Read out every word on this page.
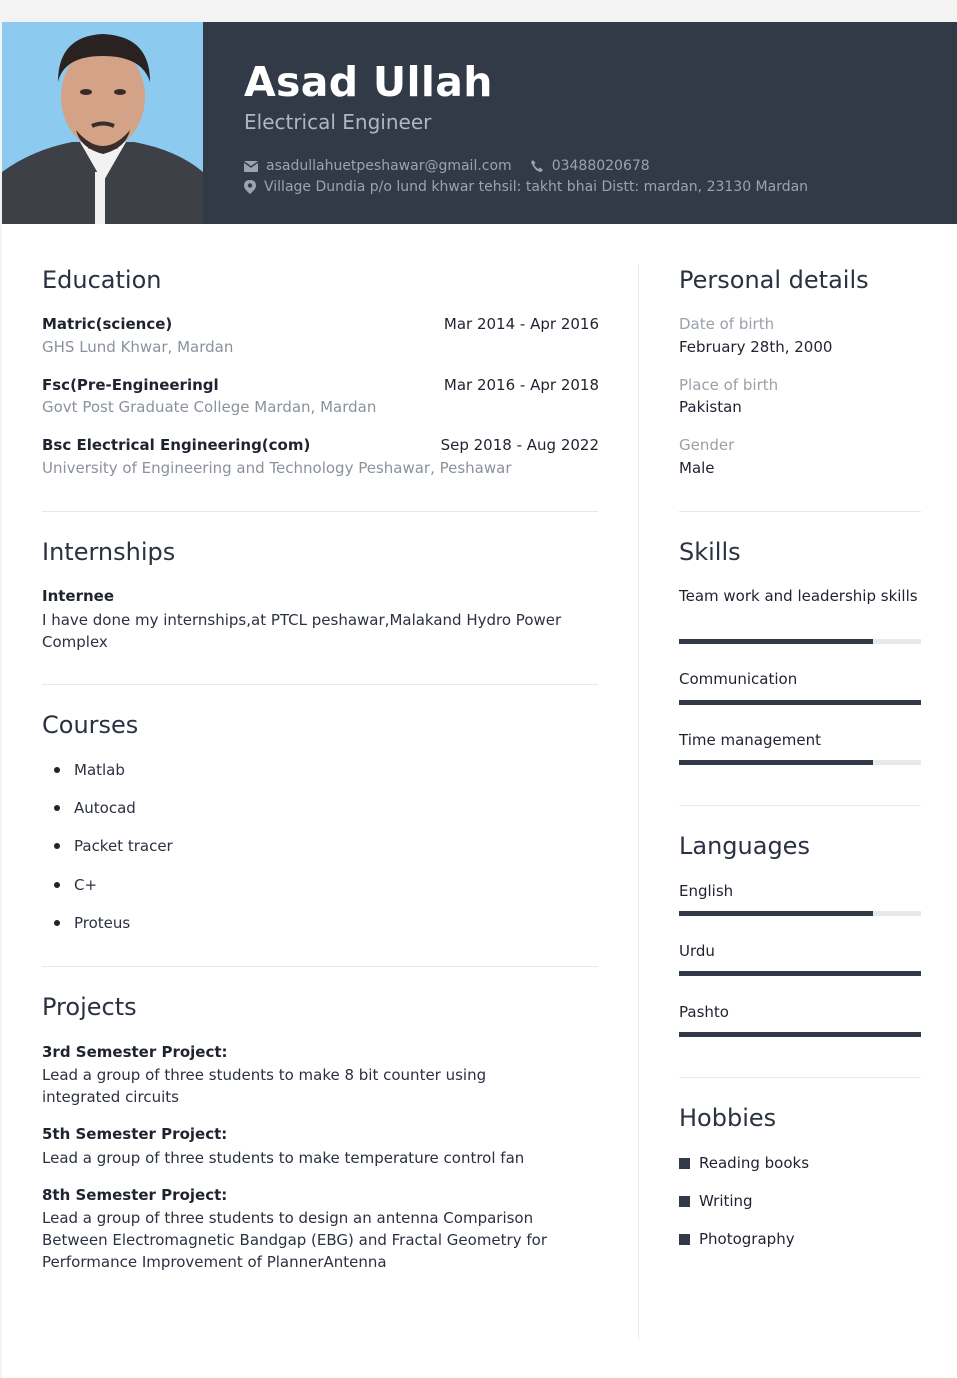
Asad Ullah
Electrical Engineer
asadullahuetpeshawar@gmail.com	03488020678
Village Dundia p/o lund khwar tehsil: takht bhai Distt: mardan, 23130 Mardan
Education
Matric(science)	Mar 2014 - Apr 2016
GHS Lund Khwar, Mardan
Fsc(Pre-Engineeringl	Mar 2016 - Apr 2018
Govt Post Graduate College Mardan, Mardan
Bsc Electrical Engineering(com)	Sep 2018 - Aug 2022
University of Engineering and Technology Peshawar, Peshawar
Internships
Internee
I have done my internships,at PTCL peshawar,Malakand Hydro Power Complex
Courses
Matlab
Autocad
Packet tracer
C+
Proteus
Projects
3rd Semester Project:
Lead a group of three students to make 8 bit counter using integrated circuits
5th Semester Project:
Lead a group of three students to make temperature control fan
8th Semester Project:
Lead a group of three students to design an antenna Comparison Between Electromagnetic Bandgap (EBG) and Fractal Geometry for Performance Improvement of PlannerAntenna
Personal details
Date of birth
February 28th, 2000
Place of birth
Pakistan
Gender
Male
Skills
Team work and leadership skills
Communication
Time management
Languages
English
Urdu
Pashto
Hobbies
Reading books
Writing
Photography
